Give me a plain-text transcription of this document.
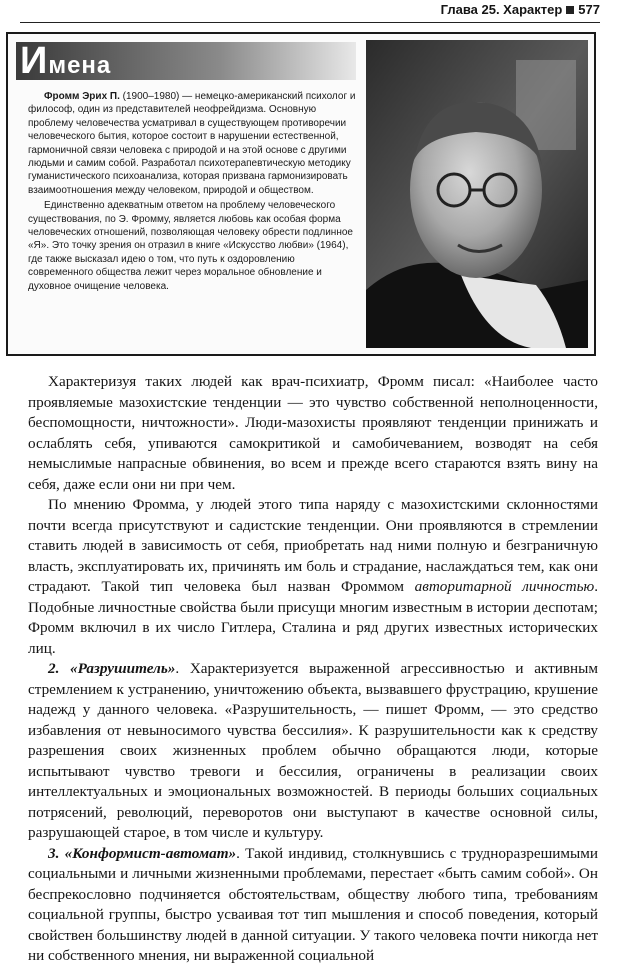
Глава 25. Характер 577
Имена

Фромм Эрих П. (1900–1980) — немецко-американский психолог и философ, один из представителей неофрейдизма. Основную проблему человечества усматривал в существующем противоречии человеческого бытия, которое состоит в нарушении естественной, гармоничной связи человека с природой и на этой основе с другими людьми и самим собой. Разработал психотерапевтическую методику гуманистического психоанализа, которая призвана гармонизировать взаимоотношения между человеком, природой и обществом.

Единственно адекватным ответом на проблему человеческого существования, по Э. Фромму, является любовь как особая форма человеческих отношений, позволяющая человеку обрести подлинное «Я». Это точку зрения он отразил в книге «Искусство любви» (1964), где также высказал идею о том, что путь к оздоровлению современного общества лежит через моральное обновление и духовное очищение человека.

Характеризуя таких людей как врач-психиатр, Фромм писал: «Наиболее часто проявляемые мазохистские тенденции — это чувство собственной неполноценности, беспомощности, ничтожности». Люди-мазохисты проявляют тенденции принижать и ослаблять себя, упиваются самокритикой и самобичеванием, возводят на себя немыслимые напрасные обвинения, во всем и прежде всего стараются взять вину на себя, даже если они ни при чем.

По мнению Фромма, у людей этого типа наряду с мазохистскими склонностями почти всегда присутствуют и садистские тенденции. Они проявляются в стремлении ставить людей в зависимость от себя, приобретать над ними полную и безграничную власть, эксплуатировать их, причинять им боль и страдание, наслаждаться тем, как они страдают. Такой тип человека был назван Фроммом авторитарной личностью. Подобные личностные свойства были присущи многим известным в истории деспотам; Фромм включил в их число Гитлера, Сталина и ряд других известных исторических лиц.

2. «Разрушитель». Характеризуется выраженной агрессивностью и активным стремлением к устранению, уничтожению объекта, вызвавшего фрустрацию, крушение надежд у данного человека. «Разрушительность, — пишет Фромм, — это средство избавления от невыносимого чувства бессилия». К разрушительности как к средству разрешения своих жизненных проблем обычно обращаются люди, которые испытывают чувство тревоги и бессилия, ограничены в реализации своих интеллектуальных и эмоциональных возможностей. В периоды больших социальных потрясений, революций, переворотов они выступают в качестве основной силы, разрушающей старое, в том числе и культуру.

3. «Конформист-автомат». Такой индивид, столкнувшись с трудноразрешимыми социальными и личными жизненными проблемами, перестает «быть самим собой». Он беспрекословно подчиняется обстоятельствам, обществу любого типа, требованиям социальной группы, быстро усваивая тот тип мышления и способ поведения, который свойствен большинству людей в данной ситуации. У такого человека почти никогда нет ни собственного мнения, ни выраженной социальной
